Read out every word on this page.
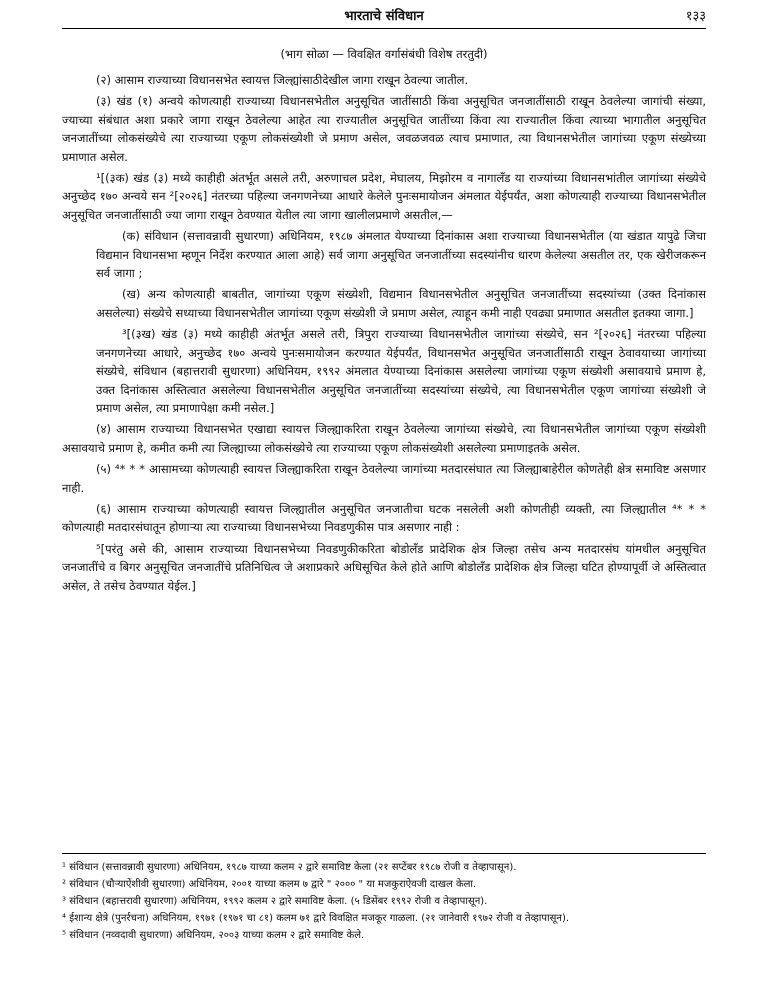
भारताचे संविधान	१३३
(भाग सोळा — विवक्षित वर्गासंबंधी विशेष तरतुदी)

(२) आसाम राज्याच्या विधानसभेत स्वायत्त जिल्ह्यांसाठीदेखील जागा राखून ठेवल्या जातील.

(३) खंड (१) अन्वये कोणत्याही राज्याच्या विधानसभेतील अनुसूचित जातींसाठी किंवा अनुसूचित जनजातींसाठी राखून ठेवलेल्या जागांची संख्या, ज्याच्या संबंधात अशा प्रकारे जागा राखून ठेवलेल्या आहेत त्या राज्यातील अनुसूचित जातींच्या किंवा त्या राज्यातील किंवा त्याच्या भागातील अनुसूचित जनजातींच्या लोकसंख्येचे त्या राज्याच्या एकूण लोकसंख्येशी जे प्रमाण असेल, जवळजवळ त्याच प्रमाणात, त्या विधानसभेतील जागांच्या एकूण संख्येच्या प्रमाणात असेल.

¹[(३क) खंड (३) मध्ये काहीही अंतर्भूत असले तरी, अरुणाचल प्रदेश, मेघालय, मिझोरम व नागालँड या राज्यांच्या विधानसभांतील जागांच्या संख्येचे अनुच्छेद १७० अन्वये सन ²[२०२६] नंतरच्या पहिल्या जनगणनेच्या आधारे केलेले पुनःसमायोजन अंमलात येईपर्यंत, अशा कोणत्याही राज्याच्या विधानसभेतील अनुसूचित जनजातींसाठी ज्या जागा राखून ठेवण्यात येतील त्या जागा खालीलप्रमाणे असतील,—

(क) संविधान (सत्तावन्नावी सुधारणा) अधिनियम, १९८७ अंमलात येण्याच्या दिनांकास अशा राज्याच्या विधानसभेतील (या खंडात यापुढे जिचा विद्यमान विधानसभा म्हणून निर्देश करण्यात आला आहे) सर्व जागा अनुसूचित जनजातींच्या सदस्यांनीच धारण केलेल्या असतील तर, एक खेरीजकरून सर्व जागा ;

(ख) अन्य कोणत्याही बाबतीत, जागांच्या एकूण संख्येशी, विद्यमान विधानसभेतील अनुसूचित जनजातींच्या सदस्यांच्या (उक्त दिनांकास असलेल्या) संख्येचे सध्याच्या विधानसभेतील जागांच्या एकूण संख्येशी जे प्रमाण असेल, त्याहून कमी नाही एवढ्या प्रमाणात असतील इतक्या जागा.]

³[(३ख) खंड (३) मध्ये काहीही अंतर्भूत असले तरी, त्रिपुरा राज्याच्या विधानसभेतील जागांच्या संख्येचे, सन ²[२०२६] नंतरच्या पहिल्या जनगणनेच्या आधारे, अनुच्छेद १७० अन्वये पुनःसमायोजन करण्यात येईपर्यंत, विधानसभेत अनुसूचित जनजातींसाठी राखून ठेवावयाच्या जागांच्या संख्येचे, संविधान (बहात्तरावी सुधारणा) अधिनियम, १९९२ अंमलात येण्याच्या दिनांकास असलेल्या जागांच्या एकूण संख्येशी असावयाचे प्रमाण हे, उक्त दिनांकास अस्तित्वात असलेल्या विधानसभेतील अनुसूचित जनजातींच्या सदस्यांच्या संख्येचे, त्या विधानसभेतील एकूण जागांच्या संख्येशी जे प्रमाण असेल, त्या प्रमाणापेक्षा कमी नसेल.]

(४) आसाम राज्याच्या विधानसभेत एखाद्या स्वायत्त जिल्ह्याकरिता राखून ठेवलेल्या जागांच्या संख्येचे, त्या विधानसभेतील जागांच्या एकूण संख्येशी असावयाचे प्रमाण हे, कमीत कमी त्या जिल्ह्याच्या लोकसंख्येचे त्या राज्याच्या एकूण लोकसंख्येशी असलेल्या प्रमाणाइतके असेल.

(५) ⁴* * * आसामच्या कोणत्याही स्वायत्त जिल्ह्याकरिता राखून ठेवलेल्या जागांच्या मतदारसंघात त्या जिल्ह्याबाहेरील कोणतेही क्षेत्र समाविष्ट असणार नाही.

(६) आसाम राज्याच्या कोणत्याही स्वायत्त जिल्ह्यातील अनुसूचित जनजातीचा घटक नसलेली अशी कोणतीही व्यक्ती, त्या जिल्ह्यातील ⁴* * * कोणत्याही मतदारसंघातून होणाऱ्या त्या राज्याच्या विधानसभेच्या निवडणुकीस पात्र असणार नाही :

⁵[परंतु असे की, आसाम राज्याच्या विधानसभेच्या निवडणुकीकरिता बोडोलँड प्रादेशिक क्षेत्र जिल्हा तसेच अन्य मतदारसंघ यांमधील अनुसूचित जनजातींचे व बिगर अनुसूचित जनजातींचे प्रतिनिधित्व जे अशाप्रकारे अधिसूचित केले होते आणि बोडोलँड प्रादेशिक क्षेत्र जिल्हा घटित होण्यापूर्वी जे अस्तित्वात असेल, ते तसेच ठेवण्यात येईल.]

¹ संविधान (सत्तावन्नावी सुधारणा) अधिनियम, १९८७ याच्या कलम २ द्वारे समाविष्ट केला (२१ सप्टेंबर १९८७ रोजी व तेव्हापासून).
² संविधान (चौऱ्याऐंशीवी सुधारणा) अधिनियम, २००१ याच्या कलम ७ द्वारे " २००० " या मजकुराऐवजी दाखल केला.
³ संविधान (बहात्तरावी सुधारणा) अधिनियम, १९९२ कलम २ द्वारे समाविष्ट केला. (५ डिसेंबर १९९२ रोजी व तेव्हापासून).
⁴ ईशान्य क्षेत्रे (पुनर्रचना) अधिनियम, १९७१ (१९७१ चा ८१) कलम ७१ द्वारे विवक्षित मजकूर गाळला. (२१ जानेवारी १९७२ रोजी व तेव्हापासून).
⁵ संविधान (नव्वदावी सुधारणा) अधिनियम, २००३ याच्या कलम २ द्वारे समाविष्ट केले.
